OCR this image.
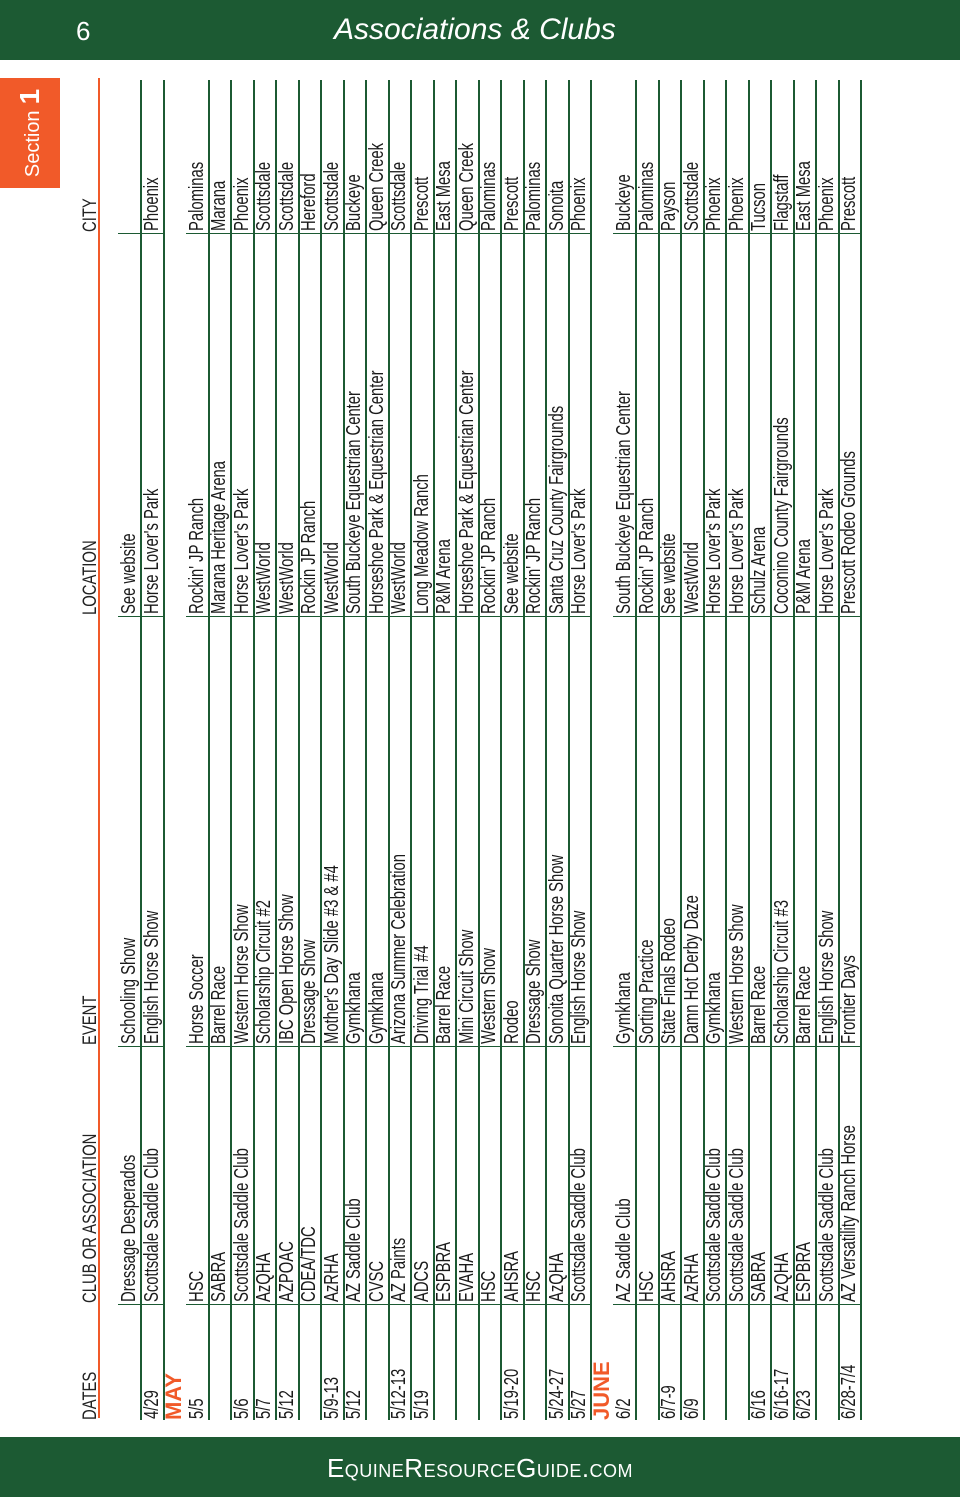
6	Associations & Clubs
Section1
DATES
CLUB OR ASSOCIATION
EVENT
LOCATION
CITY
Dressage Desperados
Schooling Show
See website
4/29
Scottsdale Saddle Club
English Horse Show
Horse Lover's Park
Phoenix
MAY 5/5
HSC
Horse Soccer
Rockin' JP Ranch
Palominas
SABRA
Barrel Race
Marana Heritage Arena
Marana
5/6
Scottsdale Saddle Club
Western Horse Show
Horse Lover's Park
Phoenix
5/7
AzQHA
Scholarship Circuit #2
WestWorld
Scottsdale
5/12
AZPOAC
IBC Open Horse Show
WestWorld
Scottsdale
CDEA/TDC
Dressage Show
Rockin JP Ranch
Hereford
5/9-13
AzRHA
Mother's Day Slide #3 & #4
WestWorld
Scottsdale
5/12
AZ Saddle Club
Gymkhana
South Buckeye Equestrian Center
Buckeye
CVSC
Gymkhana
Horseshoe Park & Equestrian Center
Queen Creek
5/12-13
AZ Paints
Arizona Summer Celebration
WestWorld
Scottsdale
5/19
ADCS
Driving Trial #4
Long Meadow Ranch
Prescott
ESPBRA
Barrel Race
P&M Arena
East Mesa
EVAHA
Mini Circuit Show
Horseshoe Park & Equestrian Center
Queen Creek
HSC
Western Show
Rockin' JP Ranch
Palominas
5/19-20
AHSRA
Rodeo
See website
Prescott
HSC
Dressage Show
Rockin' JP Ranch
Palominas
5/24-27
AzQHA
Sonoita Quarter Horse Show
Santa Cruz County Fairgrounds
Sonoita
5/27
Scottsdale Saddle Club
English Horse Show
Horse Lover's Park
Phoenix
JUNE 6/2
AZ Saddle Club
Gymkhana
South Buckeye Equestrian Center
Buckeye
HSC
Sorting Practice
Rockin' JP Ranch
Palominas
6/7-9
AHSRA
State Finals Rodeo
See website
Payson
6/9
AzRHA
Damn Hot Derby Daze
WestWorld
Scottsdale
Scottsdale Saddle Club
Gymkhana
Horse Lover's Park
Phoenix
Scottsdale Saddle Club
Western Horse Show
Horse Lover's Park
Phoenix
6/16
SABRA
Barrel Race
Schulz Arena
Tucson
6/16-17
AzQHA
Scholarship Circuit #3
Coconino County Fairgrounds
Flagstaff
6/23
ESPBRA
Barrel Race
P&M Arena
East Mesa
Scottsdale Saddle Club
English Horse Show
Horse Lover's Park
Phoenix
6/28-7/4
AZ Versatility Ranch Horse
Frontier Days
Prescott Rodeo Grounds
Prescott
EquineResourceGuide.com
